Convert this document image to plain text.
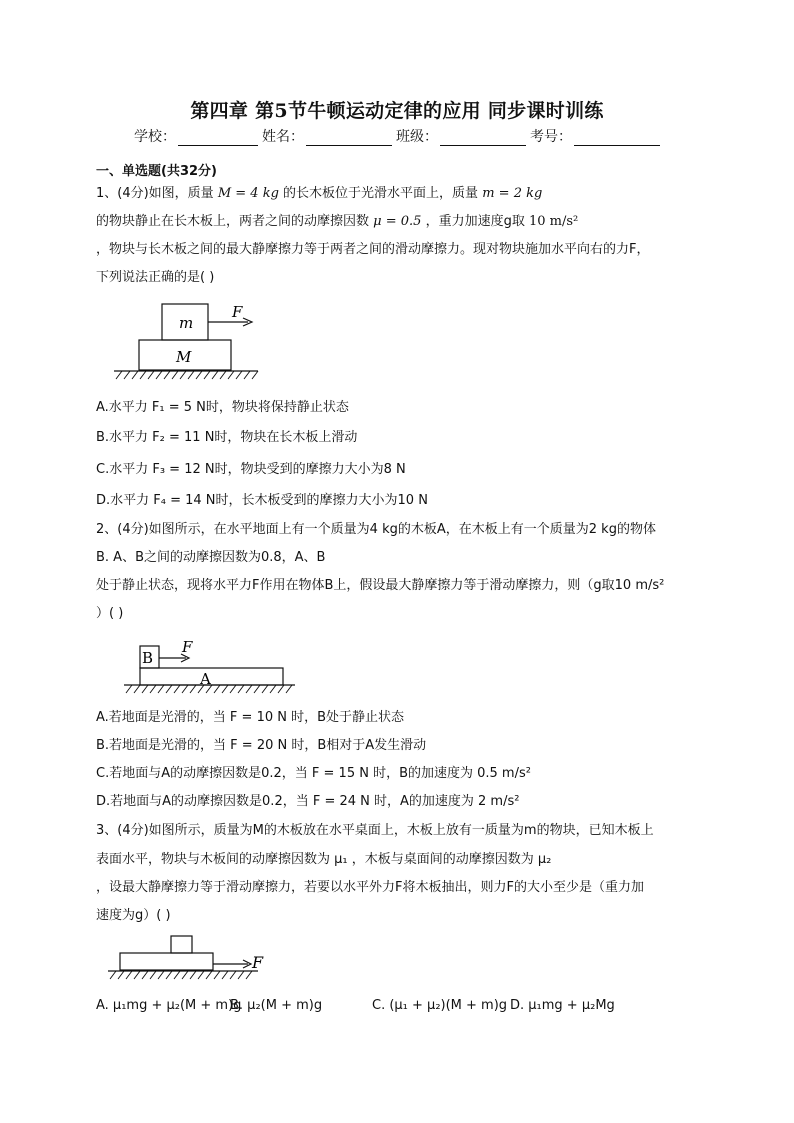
第四章 第5节牛顿运动定律的应用 同步课时训练
学校：	姓名：	班级：	考号：
一、单选题(共32分)
1、(4分)如图，质量 M = 4 kg 的长木板位于光滑水平面上，质量 m = 2 kg
的物块静止在长木板上，两者之间的动摩擦因数 μ = 0.5 ，重力加速度g取 10 m/s²
，物块与长木板之间的最大静摩擦力等于两者之间的滑动摩擦力。现对物块施加水平向右的力F，
下列说法正确的是( )
m
F
M
A.水平力 F₁ = 5 N时，物块将保持静止状态
B.水平力 F₂ = 11 N时，物块在长木板上滑动
C.水平力 F₃ = 12 N时，物块受到的摩擦力大小为8 N
D.水平力 F₄ = 14 N时，长木板受到的摩擦力大小为10 N
2、(4分)如图所示，在水平地面上有一个质量为4 kg的木板A，在木板上有一个质量为2 kg的物体
B. A、B之间的动摩擦因数为0.8，A、B
处于静止状态，现将水平力F作用在物体B上，假设最大静摩擦力等于滑动摩擦力，则（g取10 m/s²
）( )
B
F
A
A.若地面是光滑的，当 F = 10 N 时，B处于静止状态
B.若地面是光滑的，当 F = 20 N 时，B相对于A发生滑动
C.若地面与A的动摩擦因数是0.2，当 F = 15 N 时，B的加速度为 0.5 m/s²
D.若地面与A的动摩擦因数是0.2，当 F = 24 N 时，A的加速度为 2 m/s²
3、(4分)如图所示，质量为M的木板放在水平桌面上，木板上放有一质量为m的物块，已知木板上
表面水平，物块与木板间的动摩擦因数为 μ₁ ，木板与桌面间的动摩擦因数为 μ₂
，设最大静摩擦力等于滑动摩擦力，若要以水平外力F将木板抽出，则力F的大小至少是（重力加
速度为g）( )
F
A. μ₁mg + μ₂(M + m)g
B. μ₂(M + m)g	C. (μ₁ + μ₂)(M + m)g D. μ₁mg + μ₂Mg
